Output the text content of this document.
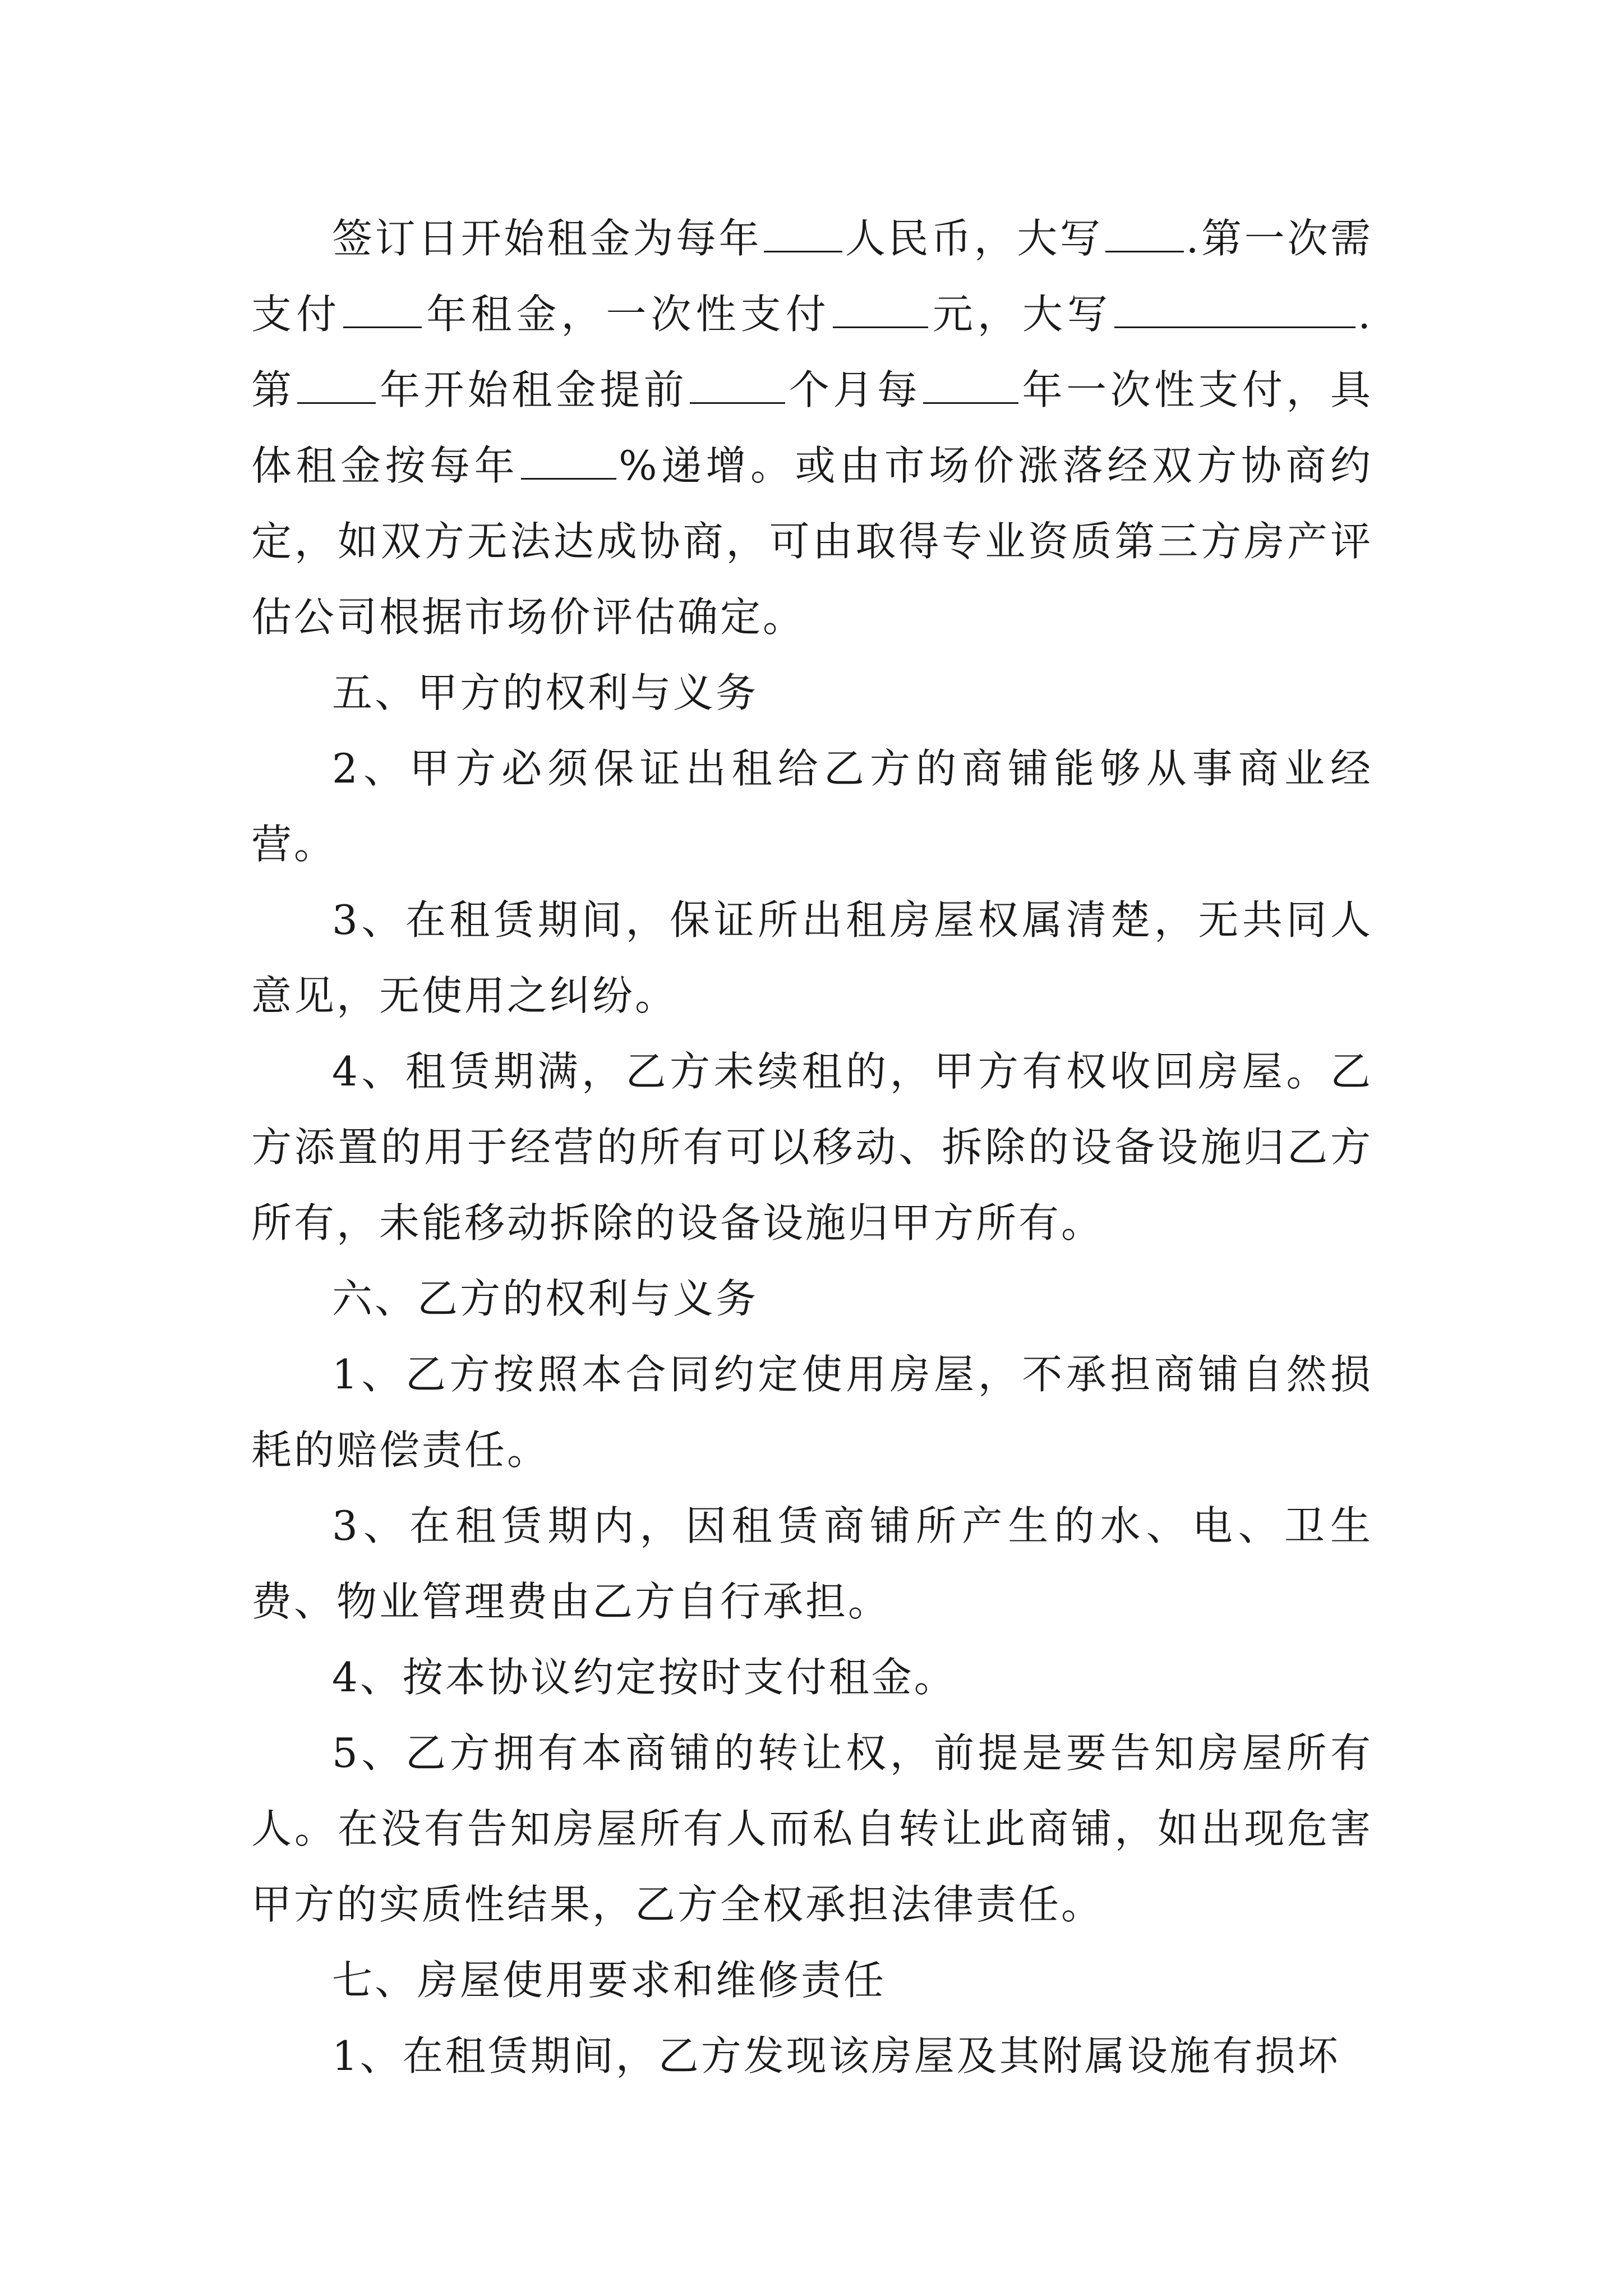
签订日开始租金为每年 人民币，大写 .第一次需支付 年租金，一次性支付 元，大写	.第 年开始租金提前 个月每 年一次性支付，具体租金按每年 %递增。或由市场价涨落经双方协商约定，如双方无法达成协商，可由取得专业资质第三方房产评估公司根据市场价评估确定。

五、甲方的权利与义务

2、甲方必须保证出租给乙方的商铺能够从事商业经营。

3、在租赁期间，保证所出租房屋权属清楚，无共同人意见，无使用之纠纷。

4、租赁期满，乙方未续租的，甲方有权收回房屋。乙方添置的用于经营的所有可以移动、拆除的设备设施归乙方所有，未能移动拆除的设备设施归甲方所有。

六、乙方的权利与义务

1、乙方按照本合同约定使用房屋，不承担商铺自然损耗的赔偿责任。

3、在租赁期内，因租赁商铺所产生的水、电、卫生费、物业管理费由乙方自行承担。

4、按本协议约定按时支付租金。

5、乙方拥有本商铺的转让权，前提是要告知房屋所有人。在没有告知房屋所有人而私自转让此商铺，如出现危害甲方的实质性结果，乙方全权承担法律责任。

七、房屋使用要求和维修责任

1、在租赁期间，乙方发现该房屋及其附属设施有损坏
